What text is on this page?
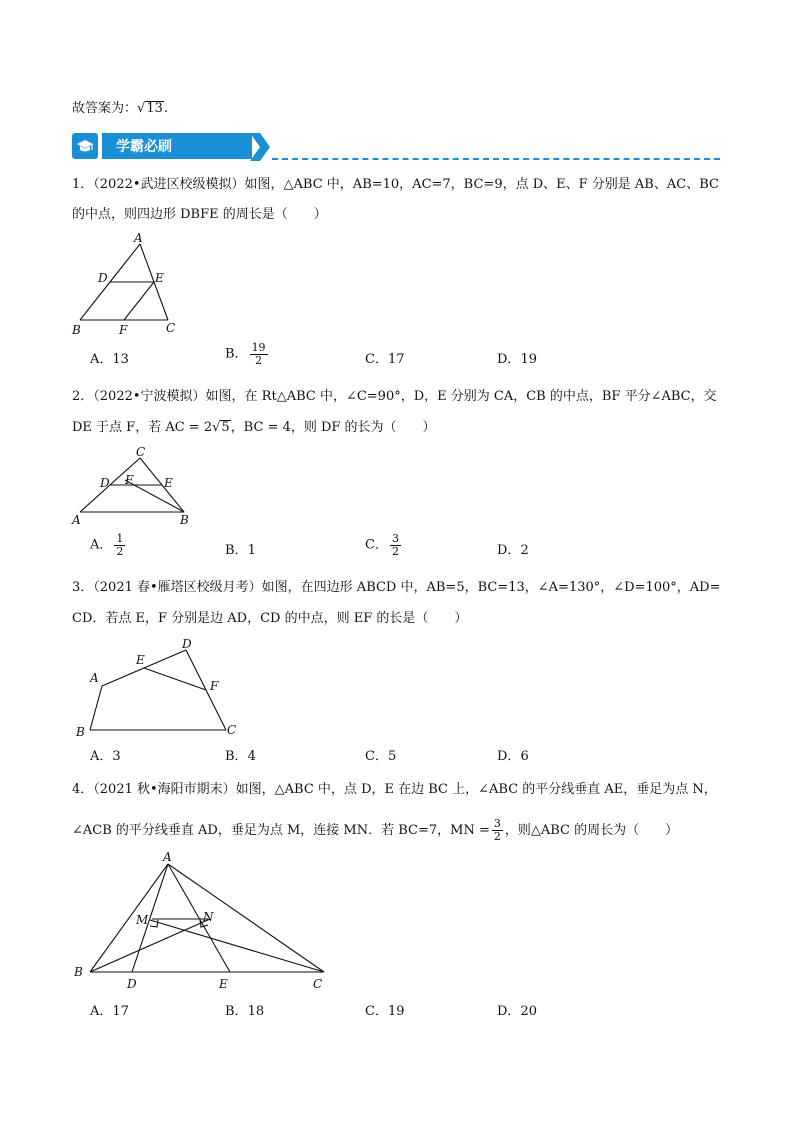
故答案为：√13.
学霸必刷
1．（2022•武进区校级模拟）如图，△ABC 中，AB=10，AC=7，BC=9，点 D、E、F 分别是 AB、AC、BC
的中点，则四边形 DBFE 的周长是（　　）
A
D	E
B	F	C
A．13	B． $\frac{19}{2}$	C．17	D．19
2．（2022•宁波模拟）如图，在 Rt△ABC 中，∠C=90°，D，E 分别为 CA，CB 的中点，BF 平分∠ABC，交
DE 于点 F，若 AC = 2√5，BC = 4，则 DF 的长为（　　）
C
D F	E
A	B
A． $\frac{1}{2}$	B．1	C． $\frac{3}{2}$	D．2
3．（2021 春•雁塔区校级月考）如图，在四边形 ABCD 中，AB=5，BC=13，∠A=130°，∠D=100°，AD=
CD．若点 E，F 分别是边 AD，CD 的中点，则 EF 的长是（　　）
D
E
A
F
B	C
A．3	B．4	C．5	D．6
4．（2021 秋•海阳市期末）如图，△ABC 中，点 D，E 在边 BC 上，∠ABC 的平分线垂直 AE，垂足为点 N，
∠ACB 的平分线垂直 AD，垂足为点 M，连接 MN．若 BC=7，MN = $\frac{3}{2}$ ，则△ABC 的周长为（　　）
A
M	N
B
D	E	C
A．17	B．18	C．19	D．20
